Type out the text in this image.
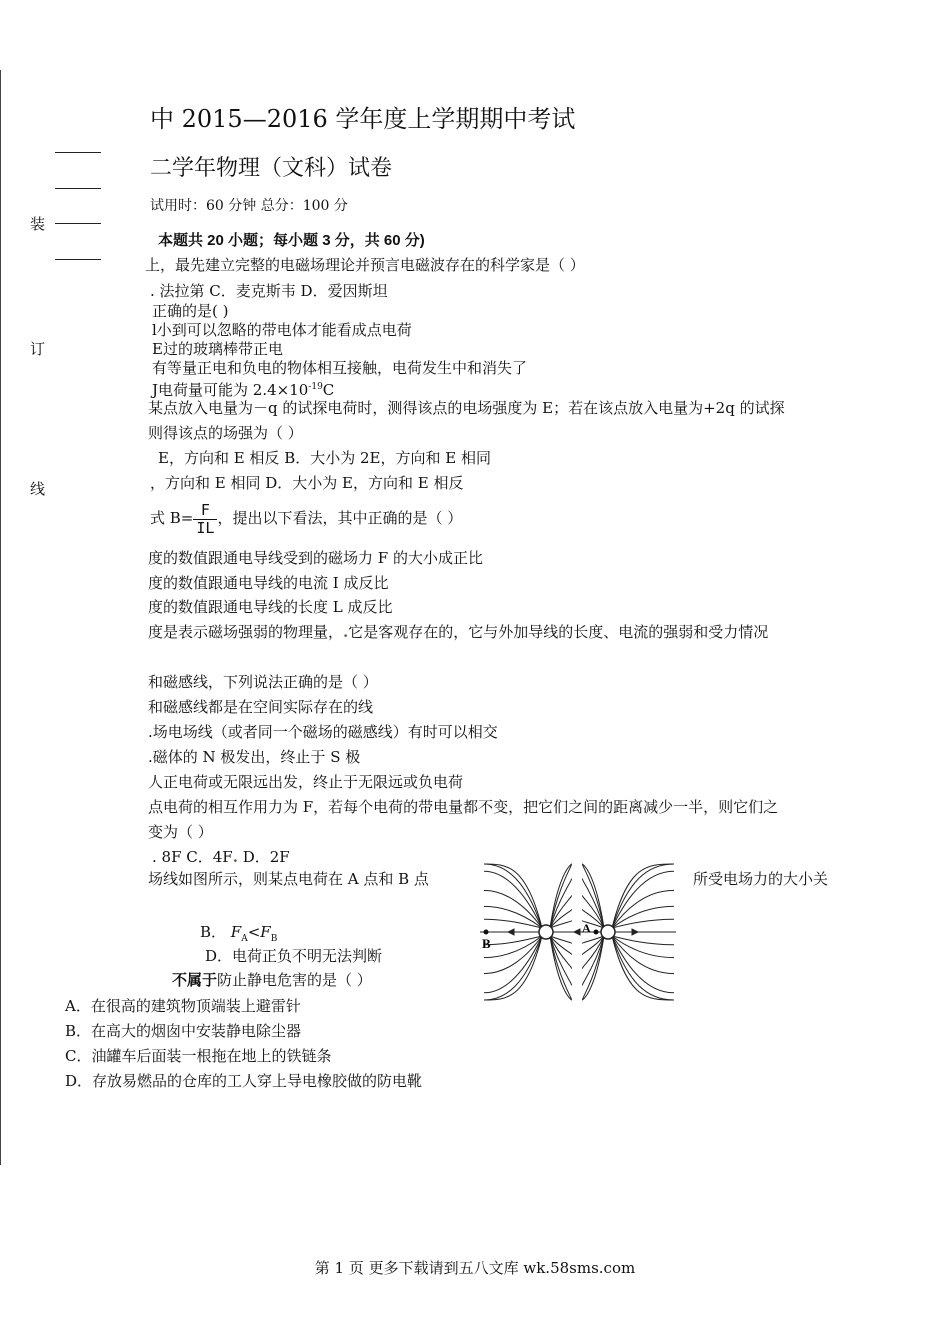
装
订
线
中 2015—2016 学年度上学期期中考试
二学年物理（文科）试卷
试用时：60 分钟 总分：100 分
本题共 20 小题；每小题 3 分，共 60 分)
上，最先建立完整的电磁场理论并预言电磁波存在的科学家是（ ）
. 法拉第 C．麦克斯韦 D．爱因斯坦
正确的是( )
l小到可以忽略的带电体才能看成点电荷
E过的玻璃棒带正电
有等量正电和负电的物体相互接触，电荷发生中和消失了
J电荷量可能为 $2.4\times 10^{-19}C$
某点放入电量为－q 的试探电荷时，测得该点的电场强度为 E；若在该点放入电量为+2q 的试探
则得该点的场强为（ ）
E，方向和 E 相反 B．大小为 2E，方向和 E 相同
，方向和 E 相同 D．大小为 E，方向和 E 相反
式 $B= \frac{F}{IL}$ ，提出以下看法，其中正确的是（ ）
度的数值跟通电导线受到的磁场力 F 的大小成正比
度的数值跟通电导线的电流 I 成反比
度的数值跟通电导线的长度 L 成反比
度是表示磁场强弱的物理量，.它是客观存在的，它与外加导线的长度、电流的强弱和受力情况
和磁感线，下列说法正确的是（ ）
和磁感线都是在空间实际存在的线
.场电场线（或者同一个磁场的磁感线）有时可以相交
.磁体的 N 极发出，终止于 S 极
人正电荷或无限远出发，终止于无限远或负电荷
点电荷的相互作用力为 F，若每个电荷的带电量都不变，把它们之间的距离减少一半，则它们之
变为（ ）
. 8F C．4F. D．2F
场线如图所示，则某点电荷在 A 点和 B 点	所受电场力的大小关
B． $F_A<F_B$
D．电荷正负不明无法判断
不属于防止静电危害的是（ ）
A．在很高的建筑物顶端装上避雷针
B．在高大的烟囱中安装静电除尘器
C．油罐车后面装一根拖在地上的铁链条
D．存放易燃品的仓库的工人穿上导电橡胶做的防电靴
B
A
第 1 页 更多下载请到五八文库 wk.58sms.com
